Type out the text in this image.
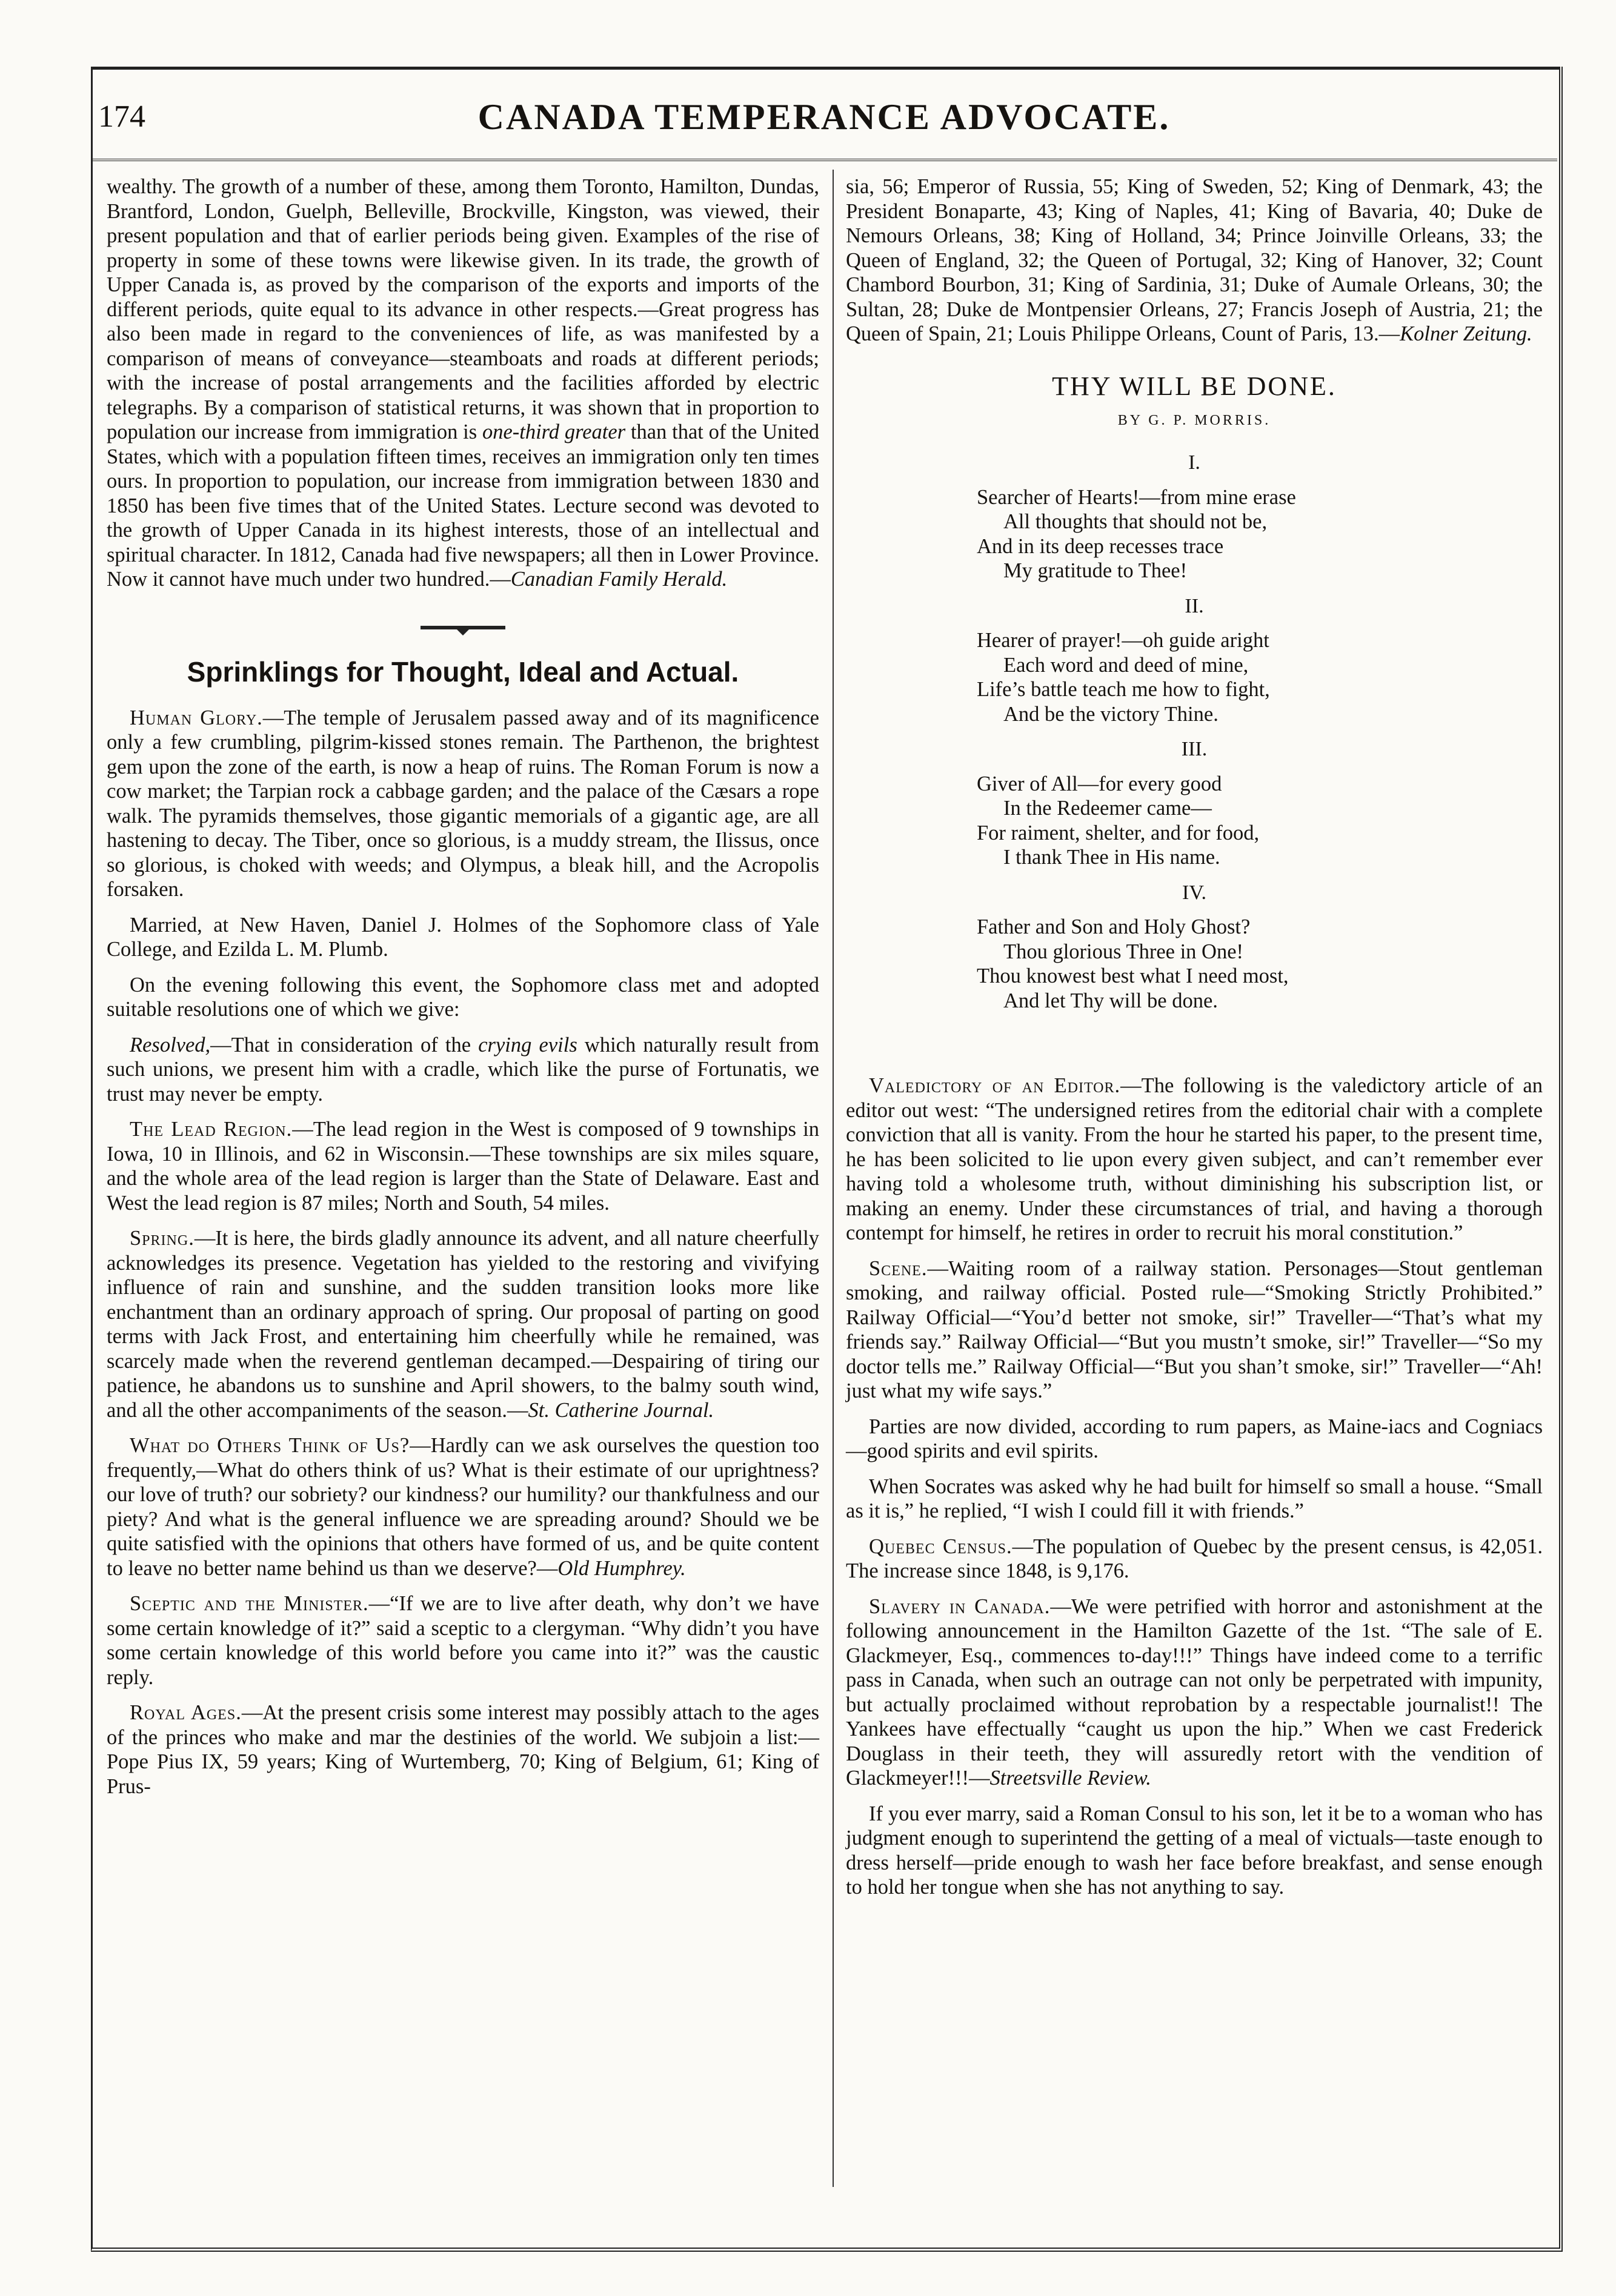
174	CANADA TEMPERANCE ADVOCATE.

wealthy. The growth of a number of these, among them Toronto, Hamilton, Dundas, Brantford, London, Guelph, Belleville, Brockville, Kingston, was viewed, their present population and that of earlier periods being given. Examples of the rise of property in some of these towns were likewise given. In its trade, the growth of Upper Canada is, as proved by the comparison of the exports and imports of the different periods, quite equal to its advance in other respects.—Great progress has also been made in regard to the conveniences of life, as was manifested by a comparison of means of conveyance—steamboats and roads at different periods; with the increase of postal arrangements and the facilities afforded by electric telegraphs. By a comparison of statistical returns, it was shown that in proportion to population our increase from immigration is one-third greater than that of the United States, which with a population fifteen times, receives an immigration only ten times ours. In proportion to population, our increase from immigration between 1830 and 1850 has been five times that of the United States. Lecture second was devoted to the growth of Upper Canada in its highest interests, those of an intellectual and spiritual character. In 1812, Canada had five newspapers; all then in Lower Province. Now it cannot have much under two hundred.—Canadian Family Herald.

Sprinklings for Thought, Ideal and Actual.

Human Glory.—The temple of Jerusalem passed away and of its magnificence only a few crumbling, pilgrim-kissed stones remain. The Parthenon, the brightest gem upon the zone of the earth, is now a heap of ruins. The Roman Forum is now a cow market; the Tarpian rock a cabbage garden; and the palace of the Cæsars a rope walk. The pyramids themselves, those gigantic memorials of a gigantic age, are all hastening to decay. The Tiber, once so glorious, is a muddy stream, the Ilissus, once so glorious, is choked with weeds; and Olympus, a bleak hill, and the Acropolis forsaken.

Married, at New Haven, Daniel J. Holmes of the Sophomore class of Yale College, and Ezilda L. M. Plumb.

On the evening following this event, the Sophomore class met and adopted suitable resolutions one of which we give:

Resolved,—That in consideration of the crying evils which naturally result from such unions, we present him with a cradle, which like the purse of Fortunatis, we trust may never be empty.

The Lead Region.—The lead region in the West is composed of 9 townships in Iowa, 10 in Illinois, and 62 in Wisconsin.—These townships are six miles square, and the whole area of the lead region is larger than the State of Delaware. East and West the lead region is 87 miles; North and South, 54 miles.

Spring.—It is here, the birds gladly announce its advent, and all nature cheerfully acknowledges its presence. Vegetation has yielded to the restoring and vivifying influence of rain and sunshine, and the sudden transition looks more like enchantment than an ordinary approach of spring. Our proposal of parting on good terms with Jack Frost, and entertaining him cheerfully while he remained, was scarcely made when the reverend gentleman decamped.—Despairing of tiring our patience, he abandons us to sunshine and April showers, to the balmy south wind, and all the other accompaniments of the season.—St. Catherine Journal.

What do Others Think of Us?—Hardly can we ask ourselves the question too frequently,—What do others think of us? What is their estimate of our uprightness? our love of truth? our sobriety? our kindness? our humility? our thankfulness and our piety? And what is the general influence we are spreading around? Should we be quite satisfied with the opinions that others have formed of us, and be quite content to leave no better name behind us than we deserve?—Old Humphrey.

Sceptic and the Minister.—“If we are to live after death, why don’t we have some certain knowledge of it?” said a sceptic to a clergyman. “Why didn’t you have some certain knowledge of this world before you came into it?” was the caustic reply.

Royal Ages.—At the present crisis some interest may possibly attach to the ages of the princes who make and mar the destinies of the world. We subjoin a list:—Pope Pius IX, 59 years; King of Wurtemberg, 70; King of Belgium, 61; King of Prus-

sia, 56; Emperor of Russia, 55; King of Sweden, 52; King of Denmark, 43; the President Bonaparte, 43; King of Naples, 41; King of Bavaria, 40; Duke de Nemours Orleans, 38; King of Holland, 34; Prince Joinville Orleans, 33; the Queen of England, 32; the Queen of Portugal, 32; King of Hanover, 32; Count Chambord Bourbon, 31; King of Sardinia, 31; Duke of Aumale Orleans, 30; the Sultan, 28; Duke de Montpensier Orleans, 27; Francis Joseph of Austria, 21; the Queen of Spain, 21; Louis Philippe Orleans, Count of Paris, 13.—Kolner Zeitung.

THY WILL BE DONE.
BY G. P. MORRIS.
I.
Searcher of Hearts!—from mine erase
All thoughts that should not be,
And in its deep recesses trace
My gratitude to Thee!
II.
Hearer of prayer!—oh guide aright
Each word and deed of mine,
Life’s battle teach me how to fight,
And be the victory Thine.
III.
Giver of All—for every good
In the Redeemer came—
For raiment, shelter, and for food,
I thank Thee in His name.
IV.
Father and Son and Holy Ghost?
Thou glorious Three in One!
Thou knowest best what I need most,
And let Thy will be done.

Valedictory of an Editor.—The following is the valedictory article of an editor out west: “The undersigned retires from the editorial chair with a complete conviction that all is vanity. From the hour he started his paper, to the present time, he has been solicited to lie upon every given subject, and can’t remember ever having told a wholesome truth, without diminishing his subscription list, or making an enemy. Under these circumstances of trial, and having a thorough contempt for himself, he retires in order to recruit his moral constitution.”

Scene.—Waiting room of a railway station. Personages—Stout gentleman smoking, and railway official. Posted rule—“Smoking Strictly Prohibited.” Railway Official—“You’d better not smoke, sir!” Traveller—“That’s what my friends say.” Railway Official—“But you mustn’t smoke, sir!” Traveller—“So my doctor tells me.” Railway Official—“But you shan’t smoke, sir!” Traveller—“Ah! just what my wife says.”

Parties are now divided, according to rum papers, as Maine-iacs and Cogniacs—good spirits and evil spirits.

When Socrates was asked why he had built for himself so small a house. “Small as it is,” he replied, “I wish I could fill it with friends.”

Quebec Census.—The population of Quebec by the present census, is 42,051. The increase since 1848, is 9,176.

Slavery in Canada.—We were petrified with horror and astonishment at the following announcement in the Hamilton Gazette of the 1st. “The sale of E. Glackmeyer, Esq., commences to-day!!!” Things have indeed come to a terrific pass in Canada, when such an outrage can not only be perpetrated with impunity, but actually proclaimed without reprobation by a respectable journalist!! The Yankees have effectually “caught us upon the hip.” When we cast Frederick Douglass in their teeth, they will assuredly retort with the vendition of Glackmeyer!!!—Streetsville Review.

If you ever marry, said a Roman Consul to his son, let it be to a woman who has judgment enough to superintend the getting of a meal of victuals—taste enough to dress herself—pride enough to wash her face before breakfast, and sense enough to hold her tongue when she has not anything to say.
